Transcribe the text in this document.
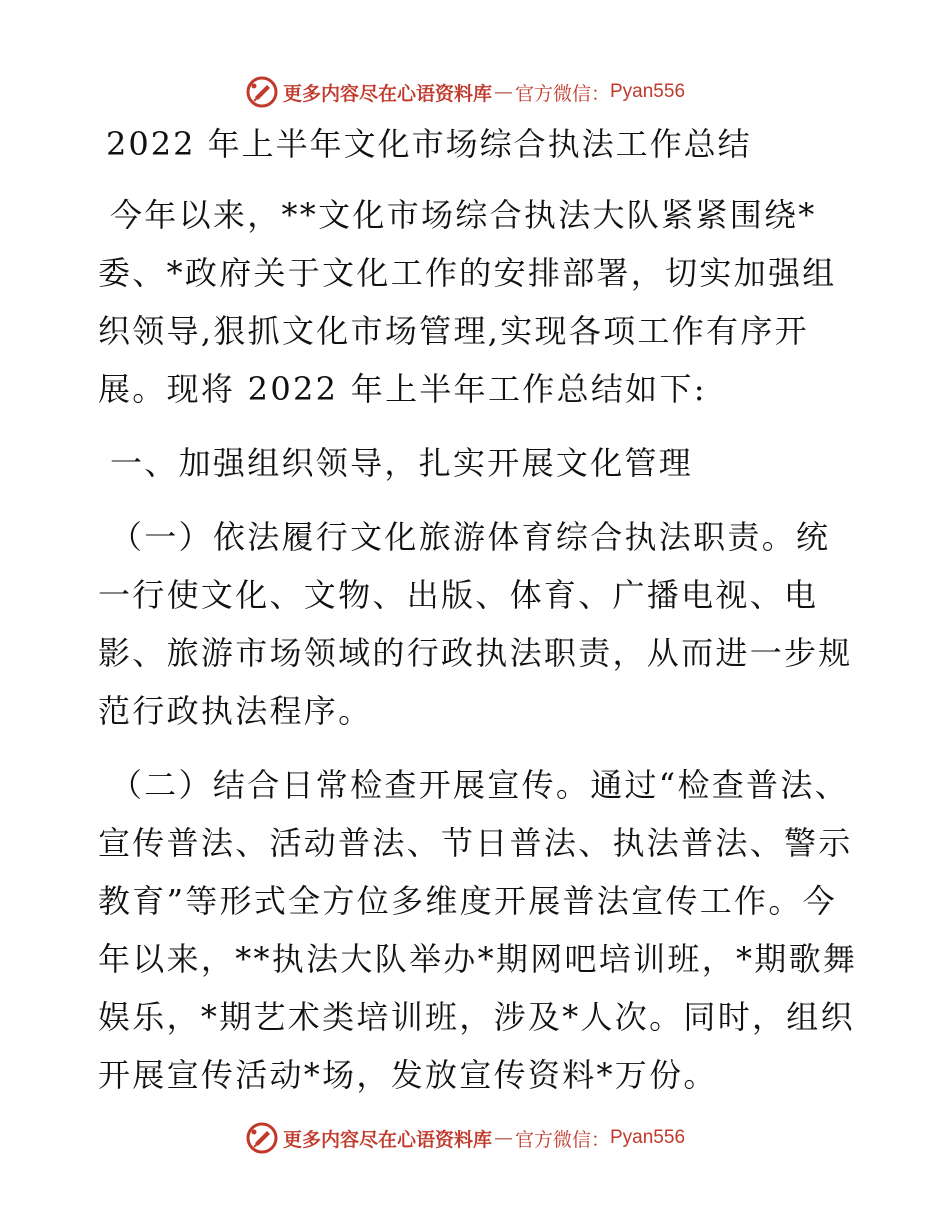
更多内容尽在心语资料库 — 官方微信： Pyan556
2022 年上半年文化市场综合执法工作总结

今年以来，**文化市场综合执法大队紧紧围绕*委、*政府关于文化工作的安排部署，切实加强组织领导,狠抓文化市场管理,实现各项工作有序开展。现将 2022 年上半年工作总结如下:

一、加强组织领导，扎实开展文化管理

（一）依法履行文化旅游体育综合执法职责。统一行使文化、文物、出版、体育、广播电视、电影、旅游市场领域的行政执法职责，从而进一步规范行政执法程序。

（二）结合日常检查开展宣传。通过“检查普法、宣传普法、活动普法、节日普法、执法普法、警示教育”等形式全方位多维度开展普法宣传工作。今年以来，**执法大队举办*期网吧培训班，*期歌舞娱乐，*期艺术类培训班，涉及*人次。同时，组织开展宣传活动*场，发放宣传资料*万份。

更多内容尽在心语资料库 — 官方微信： Pyan556
